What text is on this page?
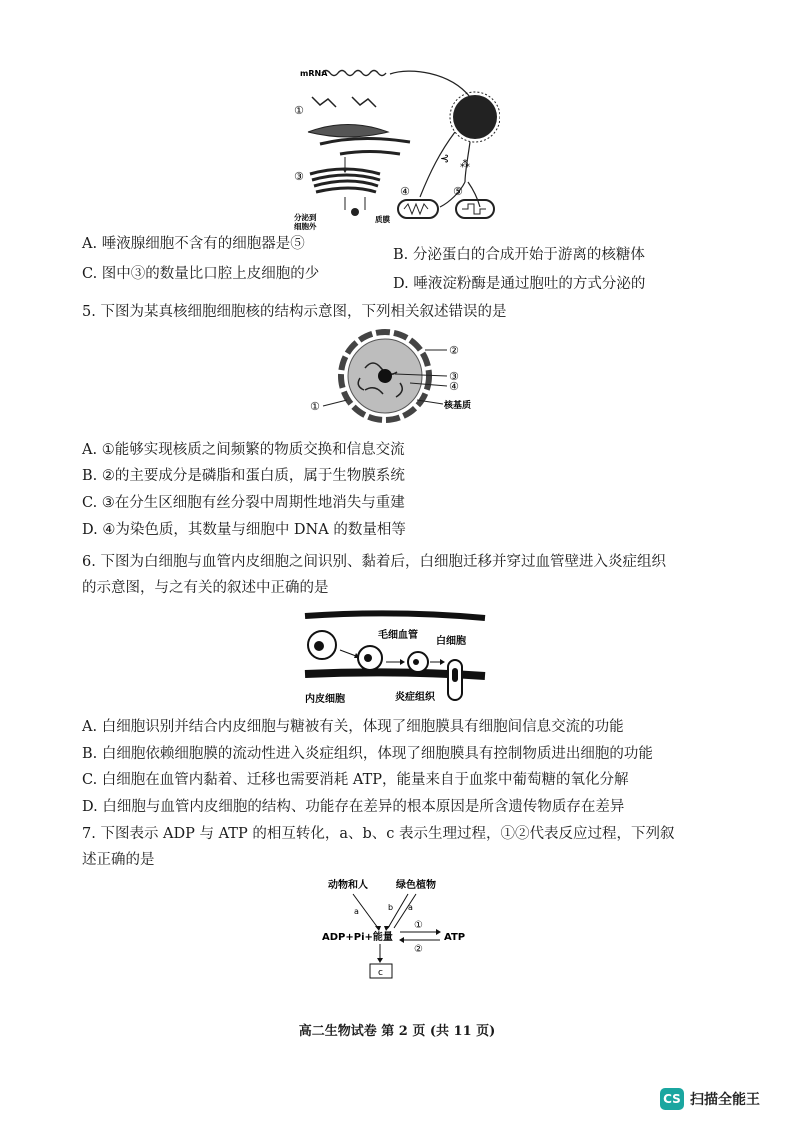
mRNA
①
③
⊰ ⁂
④	⑤
分泌到
细胞外
质膜
A. 唾液腺细胞不含有的细胞器是⑤
B. 分泌蛋白的合成开始于游离的核糖体
C. 图中③的数量比口腔上皮细胞的少
D. 唾液淀粉酶是通过胞吐的方式分泌的
5. 下图为某真核细胞细胞核的结构示意图，下列相关叙述错误的是
②
③
④
①	核基质
A. ①能够实现核质之间频繁的物质交换和信息交流
B. ②的主要成分是磷脂和蛋白质，属于生物膜系统
C. ③在分生区细胞有丝分裂中周期性地消失与重建
D. ④为染色质，其数量与细胞中 DNA 的数量相等
6. 下图为白细胞与血管内皮细胞之间识别、黏着后，白细胞迁移并穿过血管壁进入炎症组织
的示意图，与之有关的叙述中正确的是
毛细血管
白细胞
内皮细胞	炎症组织
A. 白细胞识别并结合内皮细胞与糖被有关，体现了细胞膜具有细胞间信息交流的功能
B. 白细胞依赖细胞膜的流动性进入炎症组织，体现了细胞膜具有控制物质进出细胞的功能
C. 白细胞在血管内黏着、迁移也需要消耗 ATP，能量来自于血浆中葡萄糖的氧化分解
D. 白细胞与血管内皮细胞的结构、功能存在差异的根本原因是所含遗传物质存在差异
7. 下图表示 ADP 与 ATP 的相互转化，a、b、c 表示生理过程，①②代表反应过程，下列叙
述正确的是
动物和人	绿色植物
a	b a
ADP+Pi+能量
①
②
ATP
c
高二生物试卷 第 2 页 (共 11 页)
CS 扫描全能王
